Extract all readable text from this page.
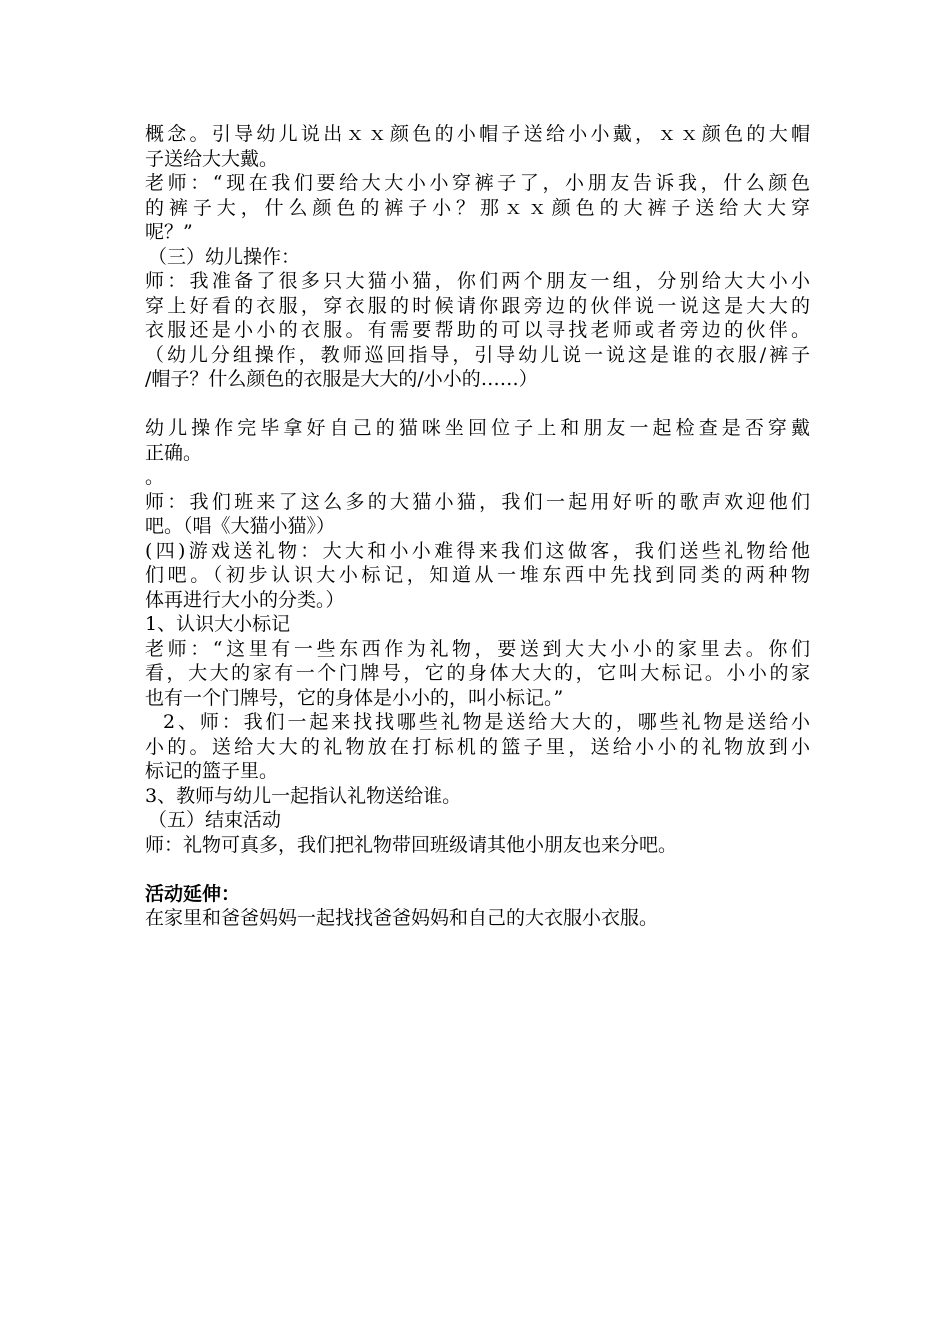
概念。引导幼儿说出ｘｘ颜色的小帽子送给小小戴，ｘｘ颜色的大帽
子送给大大戴。
老师：“现在我们要给大大小小穿裤子了，小朋友告诉我，什么颜色
的裤子大，什么颜色的裤子小？那ｘｘ颜色的大裤子送给大大穿
呢？”
（三）幼儿操作：
师：我准备了很多只大猫小猫，你们两个朋友一组，分别给大大小小
穿上好看的衣服，穿衣服的时候请你跟旁边的伙伴说一说这是大大的
衣服还是小小的衣服。有需要帮助的可以寻找老师或者旁边的伙伴。
（幼儿分组操作，教师巡回指导，引导幼儿说一说这是谁的衣服/裤子
/帽子？什么颜色的衣服是大大的/小小的……）
幼儿操作完毕拿好自己的猫咪坐回位子上和朋友一起检查是否穿戴
正确。
。
师：我们班来了这么多的大猫小猫，我们一起用好听的歌声欢迎他们
吧。（唱《大猫小猫》）
(四)游戏送礼物：大大和小小难得来我们这做客，我们送些礼物给他
们吧。（初步认识大小标记，知道从一堆东西中先找到同类的两种物
体再进行大小的分类。）
1、认识大小标记
老师：“这里有一些东西作为礼物，要送到大大小小的家里去。你们
看，大大的家有一个门牌号，它的身体大大的，它叫大标记。小小的家
也有一个门牌号，它的身体是小小的，叫小标记。”
2、师：我们一起来找找哪些礼物是送给大大的，哪些礼物是送给小
小的。送给大大的礼物放在打标机的篮子里，送给小小的礼物放到小
标记的篮子里。
3、教师与幼儿一起指认礼物送给谁。
（五）结束活动
师：礼物可真多，我们把礼物带回班级请其他小朋友也来分吧。
活动延伸：
在家里和爸爸妈妈一起找找爸爸妈妈和自己的大衣服小衣服。
